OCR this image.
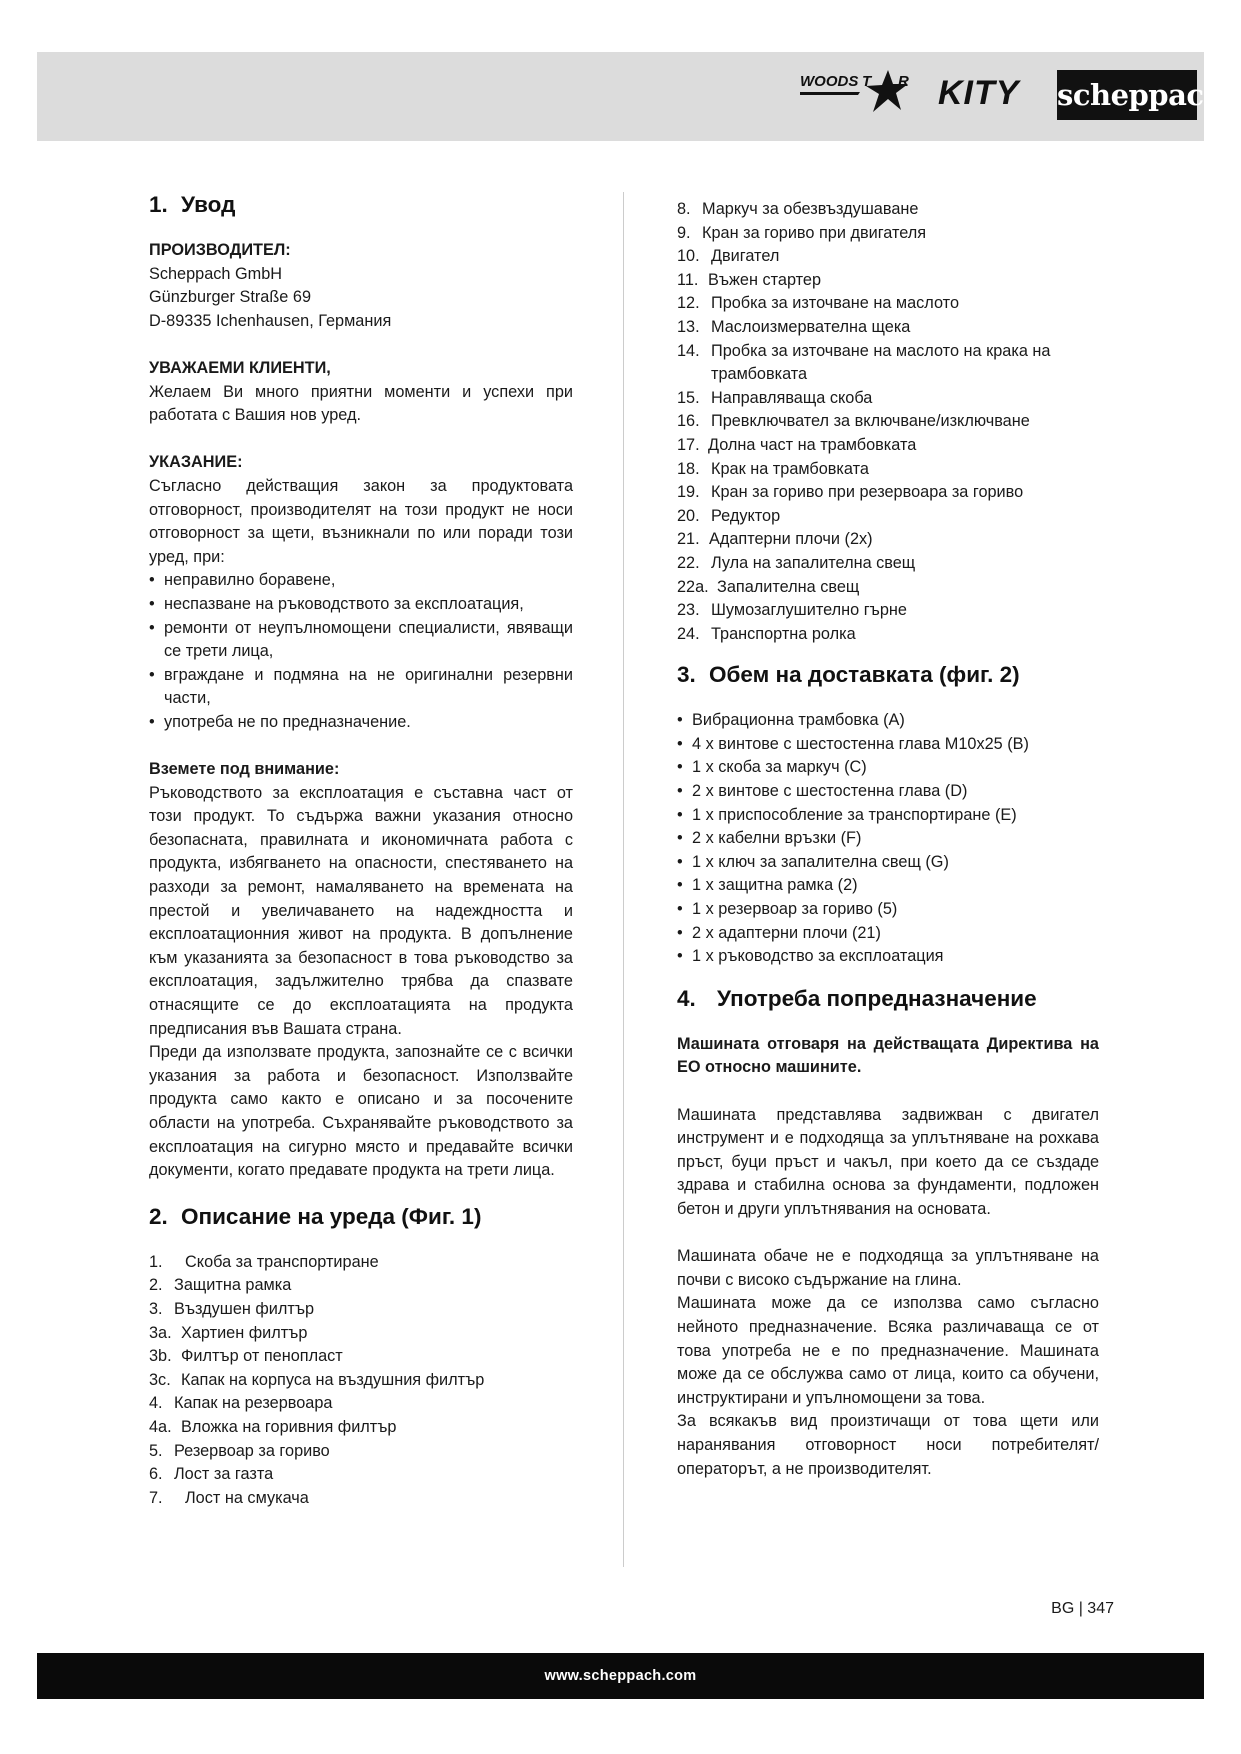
WOODS T R KITY scheppach
1. Увод

ПРОИЗВОДИТЕЛ:

Scheppach GmbH

Günzburger Straße 69

D-89335 Ichenhausen, Германия

УВАЖАЕМИ КЛИЕНТИ,

Желаем Ви много приятни моменти и успехи при работата с Вашия нов уред.

УКАЗАНИЕ:

Съгласно действащия закон за продуктовата отговорност, производителят на този продукт не носи отговорност за щети, възникнали по или поради този уред, при:

• неправилно боравене,
• неспазване на ръководството за експлоатация,
• ремонти от неупълномощени специалисти, явяващи се трети лица,
• вграждане и подмяна на не оригинални резервни части,
• употреба не по предназначение.

Вземете под внимание:

Ръководството за експлоатация е съставна част от този продукт. То съдържа важни указания относно безопасната, правилната и икономичната работа с продукта, избягването на опасности, спестяването на разходи за ремонт, намаляването на времената на престой и увеличаването на надеждността и експлоатационния живот на продукта. В допълнение към указанията за безопасност в това ръководство за експлоатация, задължително трябва да спазвате отнасящите се до експлоатацията на продукта предписания във Вашата страна.

Преди да използвате продукта, запознайте се с всички указания за работа и безопасност. Използвайте продукта само както е описано и за посочените области на употреба. Съхранявайте ръководството за експлоатация на сигурно място и предавайте всички документи, когато предавате продукта на трети лица.

2. Описание на уреда (Фиг. 1)
1. Скоба за транспортиране
2. Защитна рамка
3. Въздушен филтър
3a. Хартиен филтър
3b. Филтър от пенопласт
3c. Капак на корпуса на въздушния филтър
4. Капак на резервоара
4a. Вложка на горивния филтър
5. Резервоар за гориво
6. Лост за газта
7. Лост на смукача
8. Маркуч за обезвъздушаване
9. Кран за гориво при двигателя
10. Двигател
11. Въжен стартер
12. Пробка за източване на маслото
13. Маслоизмервателна щека
14. Пробка за източване на маслото на крака на трамбовката
15. Направляваща скоба
16. Превключвател за включване/изключване
17. Долна част на трамбовката
18. Крак на трамбовката
19. Кран за гориво при резервоара за гориво
20. Редуктор
21. Адаптерни плочи (2x)
22. Лула на запалителна свещ
22a. Запалителна свещ
23. Шумозаглушително гърне
24. Транспортна ролка
3. Обем на доставката (фиг. 2)
• Вибрационна трамбовка (A)
• 4 x винтове с шестостенна глава M10x25 (B)
• 1 x скоба за маркуч (C)
• 2 x винтове с шестостенна глава (D)
• 1 x приспособление за транспортиране (E)
• 2 x кабелни връзки (F)
• 1 x ключ за запалителна свещ (G)
• 1 x защитна рамка (2)
• 1 x резервоар за гориво (5)
• 2 x адаптерни плочи (21)
• 1 x ръководство за експлоатация
4. Употреба попредназначение

Машината отговаря на действащата Директива на ЕО относно машините.

Машината представлява задвижван с двигател инструмент и е подходяща за уплътняване на рохкава пръст, буци пръст и чакъл, при което да се създаде здрава и стабилна основа за фундаменти, подложен бетон и други уплътнявания на основата.

Машината обаче не е подходяща за уплътняване на почви с високо съдържание на глина.

Машината може да се използва само съгласно нейното предназначение. Всяка различаваща се от това употреба не е по предназначение. Машината може да се обслужва само от лица, които са обучени, инструктирани и упълномощени за това.

За всякакъв вид произтичащи от това щети или наранявания отговорност носи потребителят/операторът, а не производителят.

BG | 347
www.scheppach.com
